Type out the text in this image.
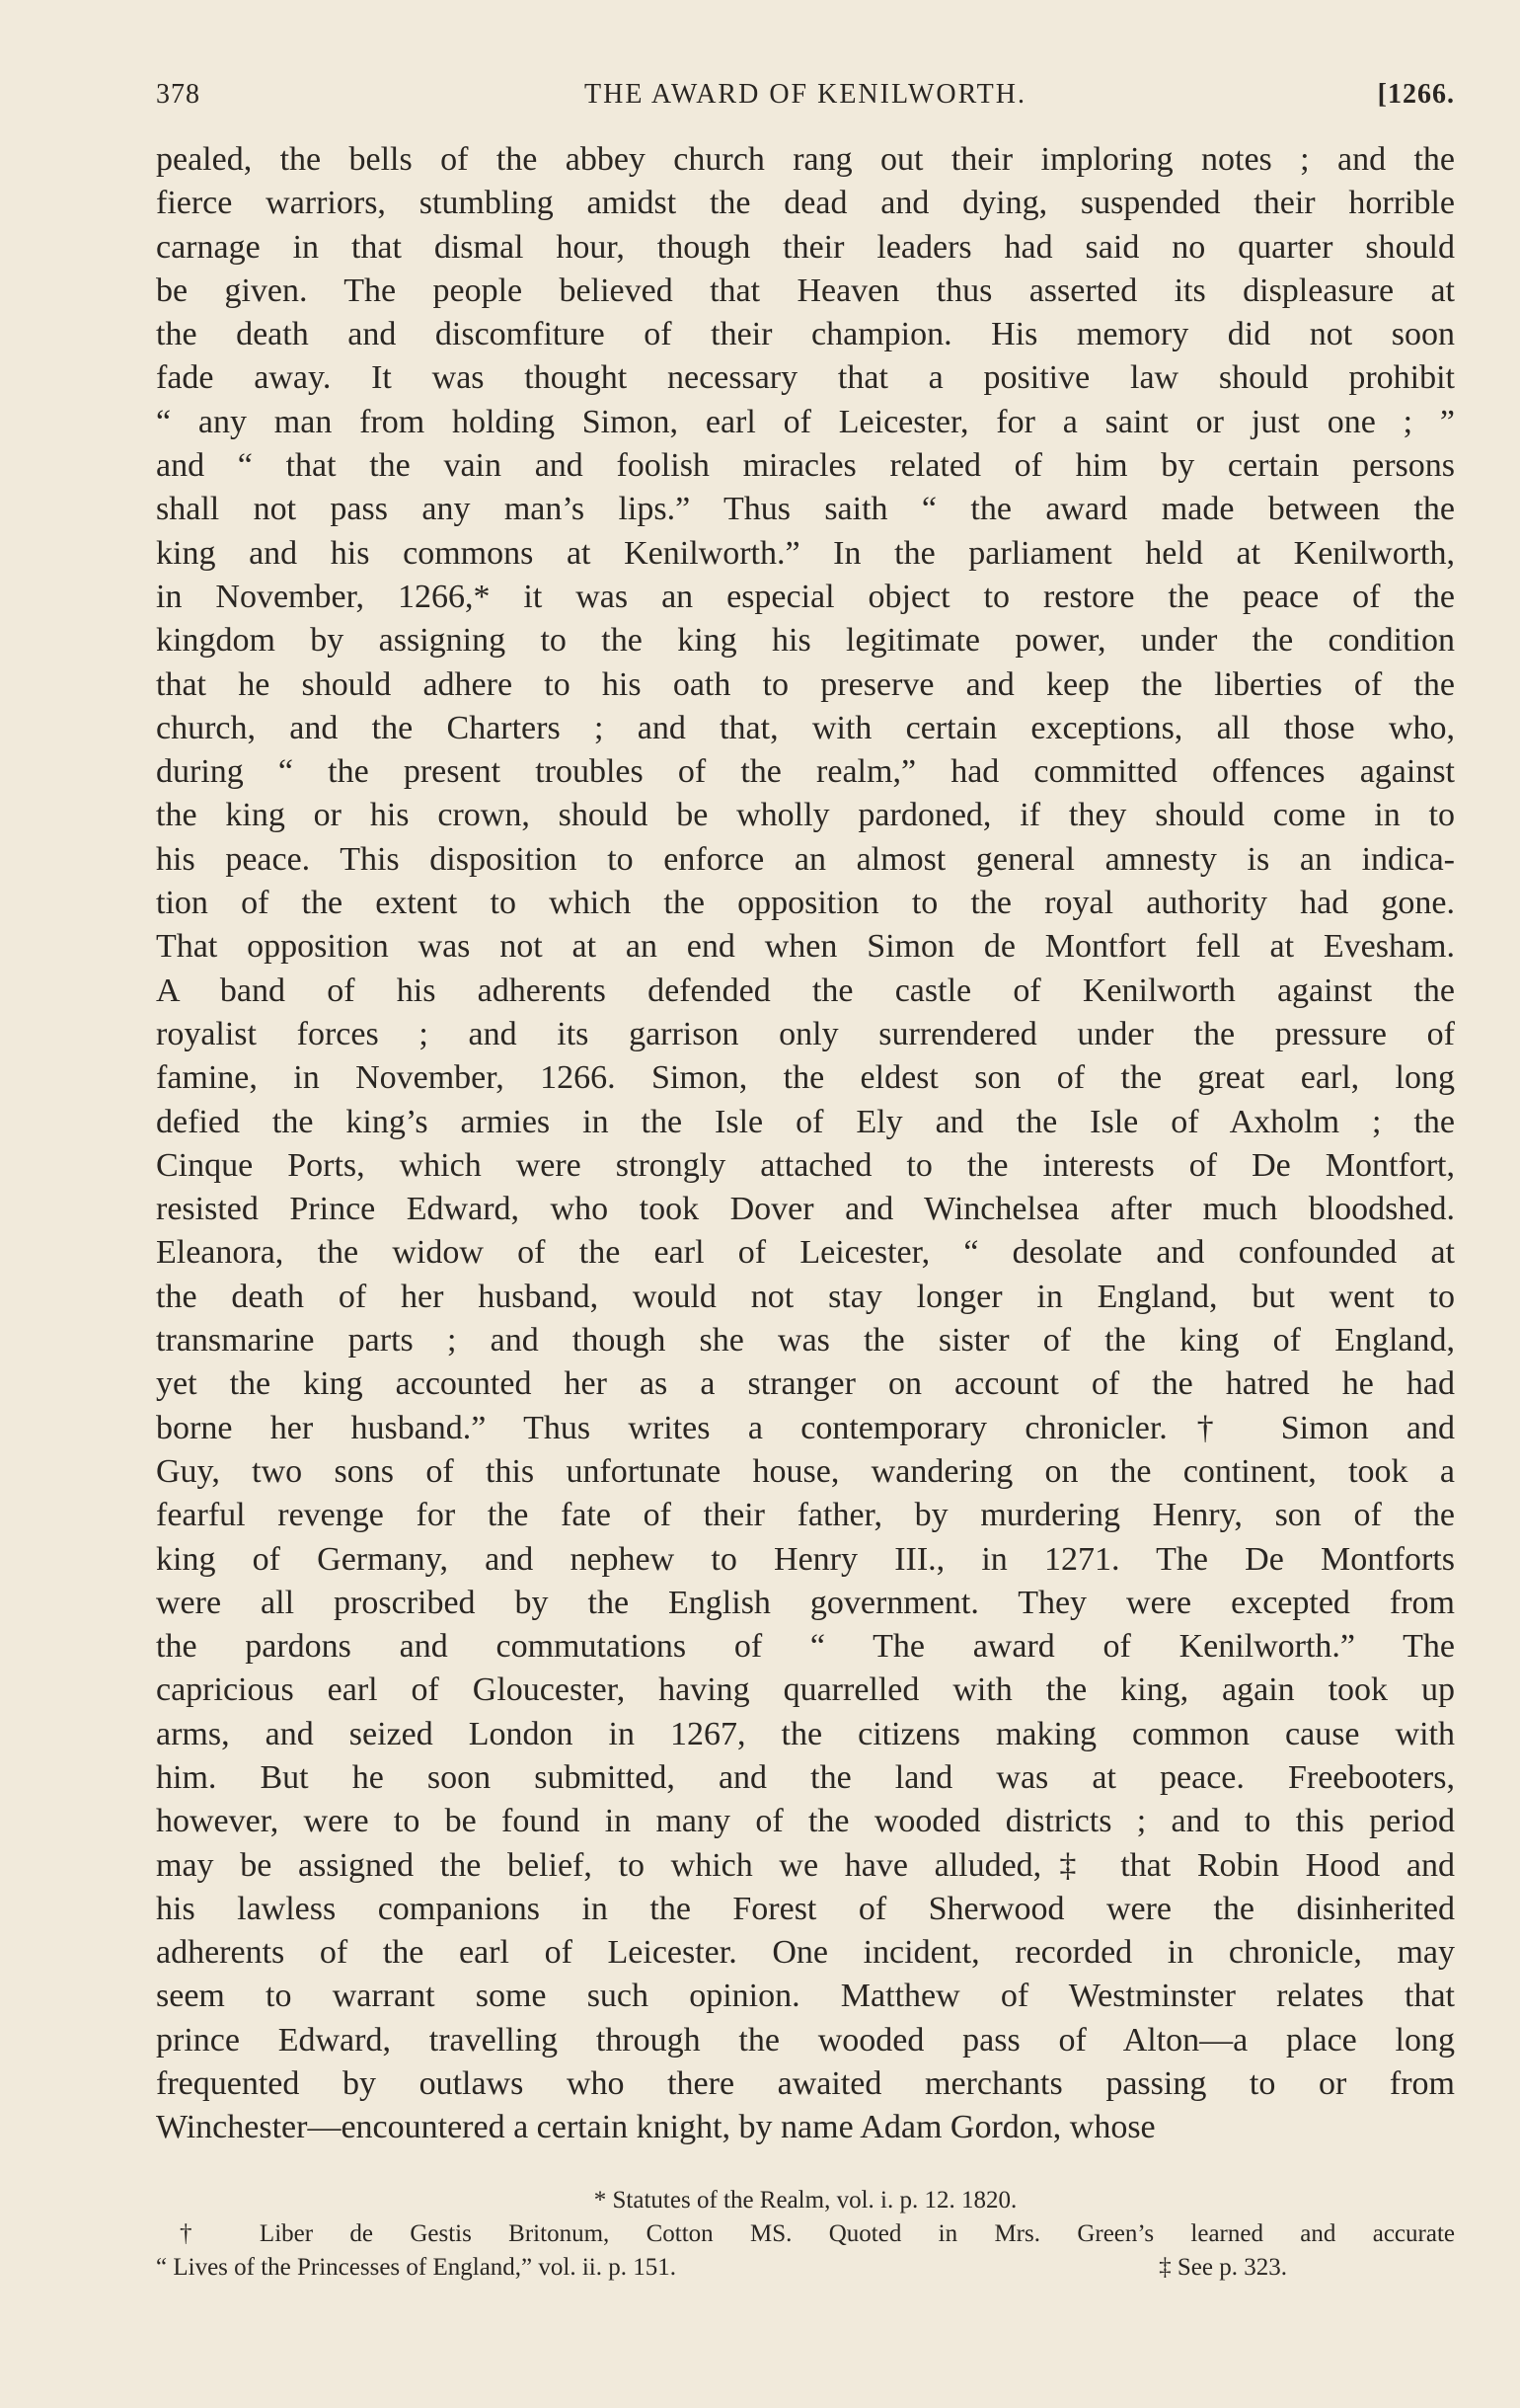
378	THE AWARD OF KENILWORTH.	[1266.
pealed, the bells of the abbey church rang out their imploring notes ; and the
fierce warriors, stumbling amidst the dead and dying, suspended their horrible
carnage in that dismal hour, though their leaders had said no quarter should
be given. The people believed that Heaven thus asserted its displeasure at
the death and discomfiture of their champion. His memory did not soon
fade away. It was thought necessary that a positive law should prohibit
“ any man from holding Simon, earl of Leicester, for a saint or just one ; ”
and “ that the vain and foolish miracles related of him by certain persons
shall not pass any man’s lips.” Thus saith “ the award made between the
king and his commons at Kenilworth.” In the parliament held at Kenilworth,
in November, 1266,* it was an especial object to restore the peace of the
kingdom by assigning to the king his legitimate power, under the condition
that he should adhere to his oath to preserve and keep the liberties of the
church, and the Charters ; and that, with certain exceptions, all those who,
during “ the present troubles of the realm,” had committed offences against
the king or his crown, should be wholly pardoned, if they should come in to
his peace. This disposition to enforce an almost general amnesty is an indica-
tion of the extent to which the opposition to the royal authority had gone.
That opposition was not at an end when Simon de Montfort fell at Evesham.
A band of his adherents defended the castle of Kenilworth against the
royalist forces ; and its garrison only surrendered under the pressure of
famine, in November, 1266. Simon, the eldest son of the great earl, long
defied the king’s armies in the Isle of Ely and the Isle of Axholm ; the
Cinque Ports, which were strongly attached to the interests of De Montfort,
resisted Prince Edward, who took Dover and Winchelsea after much bloodshed.
Eleanora, the widow of the earl of Leicester, “ desolate and confounded at
the death of her husband, would not stay longer in England, but went to
transmarine parts ; and though she was the sister of the king of England,
yet the king accounted her as a stranger on account of the hatred he had
borne her husband.” Thus writes a contemporary chronicler.† Simon and
Guy, two sons of this unfortunate house, wandering on the continent, took a
fearful revenge for the fate of their father, by murdering Henry, son of the
king of Germany, and nephew to Henry III., in 1271. The De Montforts
were all proscribed by the English government. They were excepted from
the pardons and commutations of “ The award of Kenilworth.” The
capricious earl of Gloucester, having quarrelled with the king, again took up
arms, and seized London in 1267, the citizens making common cause with
him. But he soon submitted, and the land was at peace. Freebooters,
however, were to be found in many of the wooded districts ; and to this period
may be assigned the belief, to which we have alluded,‡ that Robin Hood and
his lawless companions in the Forest of Sherwood were the disinherited
adherents of the earl of Leicester. One incident, recorded in chronicle, may
seem to warrant some such opinion. Matthew of Westminster relates that
prince Edward, travelling through the wooded pass of Alton—a place long
frequented by outlaws who there awaited merchants passing to or from
Winchester—encountered a certain knight, by name Adam Gordon, whose
* Statutes of the Realm, vol. i. p. 12. 1820.
† Liber de Gestis Britonum, Cotton MS. Quoted in Mrs. Green’s learned and accurate
“ Lives of the Princesses of England,” vol. ii. p. 151.	‡ See p. 323.
